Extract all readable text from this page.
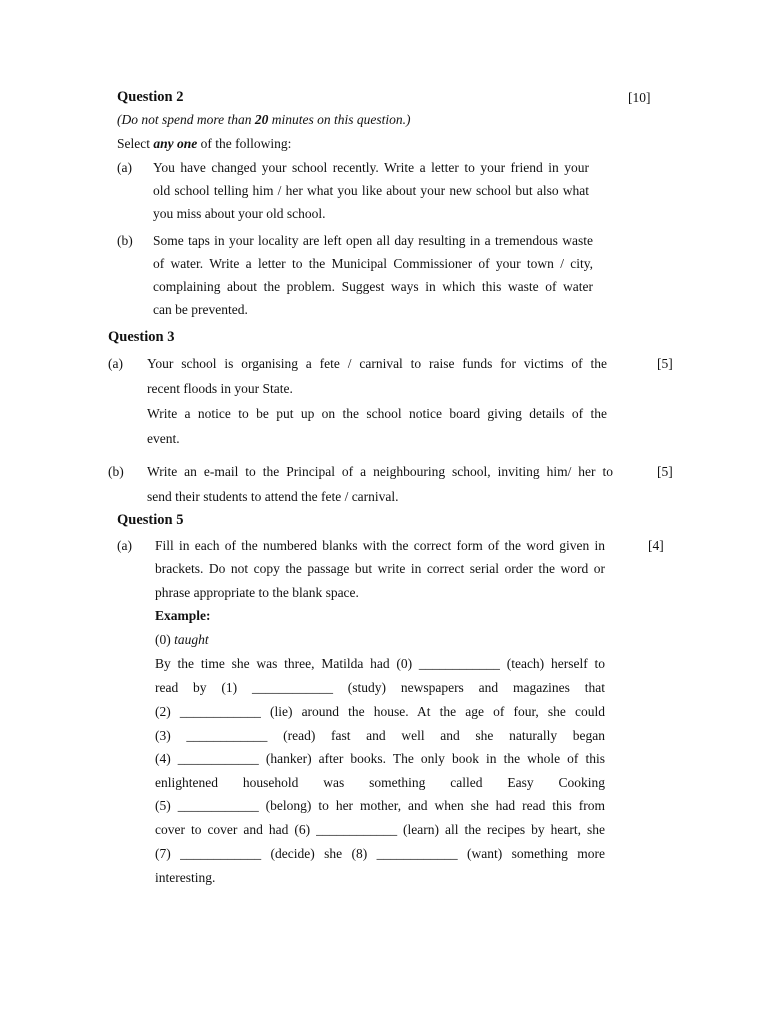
Question 2	[10]
(Do not spend more than 20 minutes on this question.)
Select any one of the following:
(a) You have changed your school recently. Write a letter to your friend in your
old school telling him / her what you like about your new school but also what
you miss about your old school.
(b) Some taps in your locality are left open all day resulting in a tremendous waste
of water. Write a letter to the Municipal Commissioner of your town / city,
complaining about the problem. Suggest ways in which this waste of water
can be prevented.
Question 3
(a) Your school is organising a fete / carnival to raise funds for victims of the	[5]
recent floods in your State.
Write a notice to be put up on the school notice board giving details of the
event.
(b) Write an e-mail to the Principal of a neighbouring school, inviting him/ her to	[5]
send their students to attend the fete / carnival.
Question 5
(a) Fill in each of the numbered blanks with the correct form of the word given in	[4]
brackets. Do not copy the passage but write in correct serial order the word or
phrase appropriate to the blank space.
Example:
(0) taught
By the time she was three, Matilda had (0) ____________ (teach) herself to
read by (1) ____________ (study) newspapers and magazines that
(2) ____________ (lie) around the house. At the age of four, she could
(3) ____________ (read) fast and well and she naturally began
(4) ____________ (hanker) after books. The only book in the whole of this
enlightened household was something called Easy Cooking
(5) ____________ (belong) to her mother, and when she had read this from
cover to cover and had (6) ____________ (learn) all the recipes by heart, she
(7) ____________ (decide) she (8) ____________ (want) something more
interesting.
